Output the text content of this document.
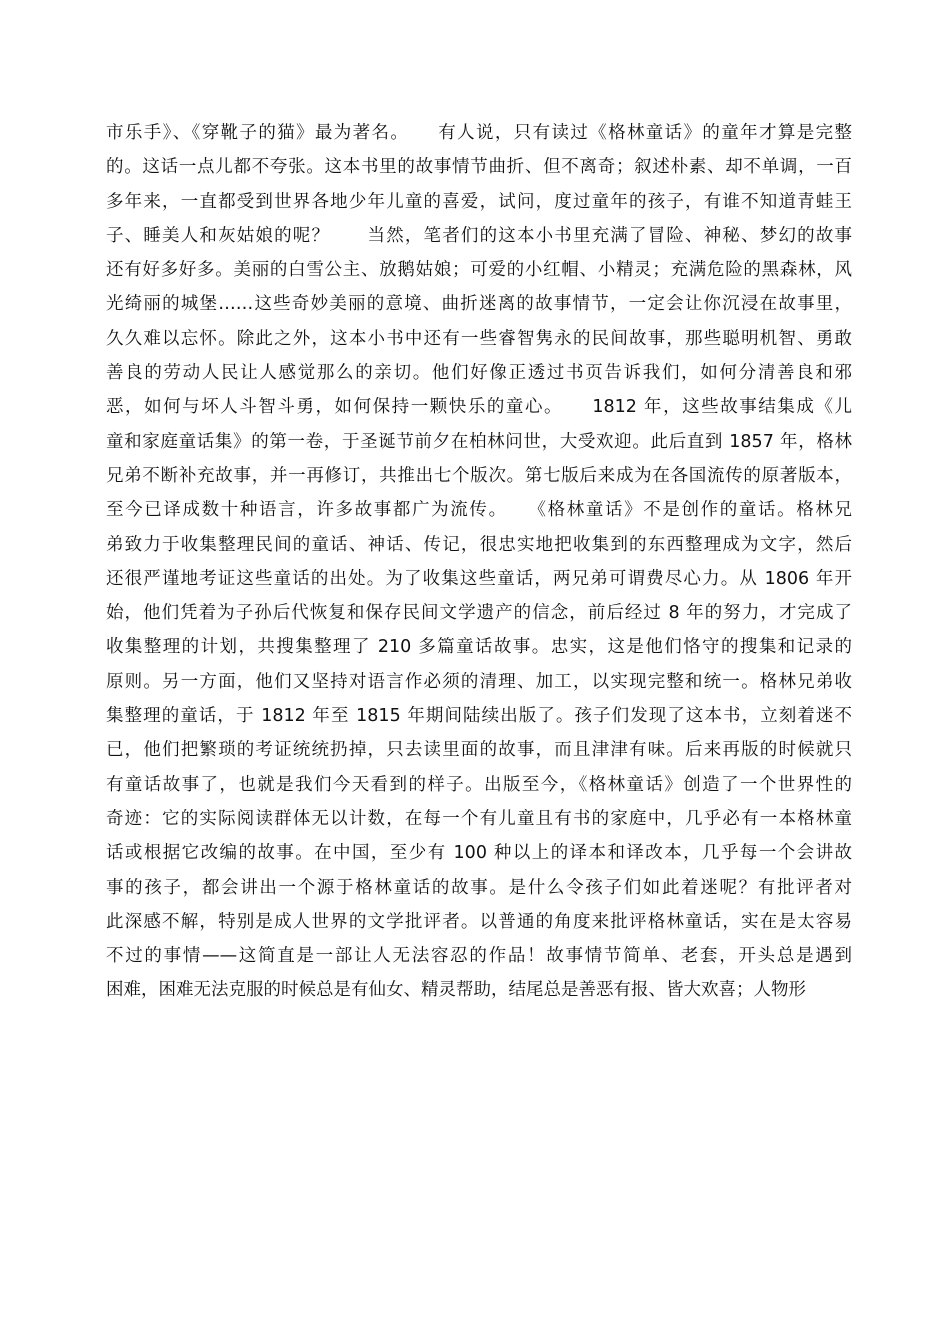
市乐手》、《穿靴子的猫》最为著名。　　有人说，只有读过《格林童话》的童年才算是完整
的。这话一点儿都不夸张。这本书里的故事情节曲折、但不离奇；叙述朴素、却不单调，一百
多年来，一直都受到世界各地少年儿童的喜爱，试问，度过童年的孩子，有谁不知道青蛙王
子、睡美人和灰姑娘的呢？　　当然，笔者们的这本小书里充满了冒险、神秘、梦幻的故事
还有好多好多。美丽的白雪公主、放鹅姑娘；可爱的小红帽、小精灵；充满危险的黑森林，风
光绮丽的城堡……这些奇妙美丽的意境、曲折迷离的故事情节，一定会让你沉浸在故事里，
久久难以忘怀。除此之外，这本小书中还有一些睿智隽永的民间故事，那些聪明机智、勇敢
善良的劳动人民让人感觉那么的亲切。他们好像正透过书页告诉我们，如何分清善良和邪
恶，如何与坏人斗智斗勇，如何保持一颗快乐的童心。　　1812 年，这些故事结集成《儿
童和家庭童话集》的第一卷，于圣诞节前夕在柏林问世，大受欢迎。此后直到 1857 年，格林
兄弟不断补充故事，并一再修订，共推出七个版次。第七版后来成为在各国流传的原著版本，
至今已译成数十种语言，许多故事都广为流传。　　《格林童话》不是创作的童话。格林兄
弟致力于收集整理民间的童话、神话、传记，很忠实地把收集到的东西整理成为文字，然后
还很严谨地考证这些童话的出处。为了收集这些童话，两兄弟可谓费尽心力。从 1806 年开
始，他们凭着为子孙后代恢复和保存民间文学遗产的信念，前后经过 8 年的努力，才完成了
收集整理的计划，共搜集整理了 210 多篇童话故事。忠实，这是他们恪守的搜集和记录的
原则。另一方面，他们又坚持对语言作必须的清理、加工，以实现完整和统一。格林兄弟收
集整理的童话，于 1812 年至 1815 年期间陆续出版了。孩子们发现了这本书，立刻着迷不
已，他们把繁琐的考证统统扔掉，只去读里面的故事，而且津津有味。后来再版的时候就只
有童话故事了，也就是我们今天看到的样子。出版至今，《格林童话》创造了一个世界性的
奇迹：它的实际阅读群体无以计数，在每一个有儿童且有书的家庭中，几乎必有一本格林童
话或根据它改编的故事。在中国，至少有 100 种以上的译本和译改本，几乎每一个会讲故
事的孩子，都会讲出一个源于格林童话的故事。是什么令孩子们如此着迷呢？有批评者对
此深感不解，特别是成人世界的文学批评者。以普通的角度来批评格林童话，实在是太容易
不过的事情——这简直是一部让人无法容忍的作品！故事情节简单、老套，开头总是遇到
困难，困难无法克服的时候总是有仙女、精灵帮助，结尾总是善恶有报、皆大欢喜；人物形
